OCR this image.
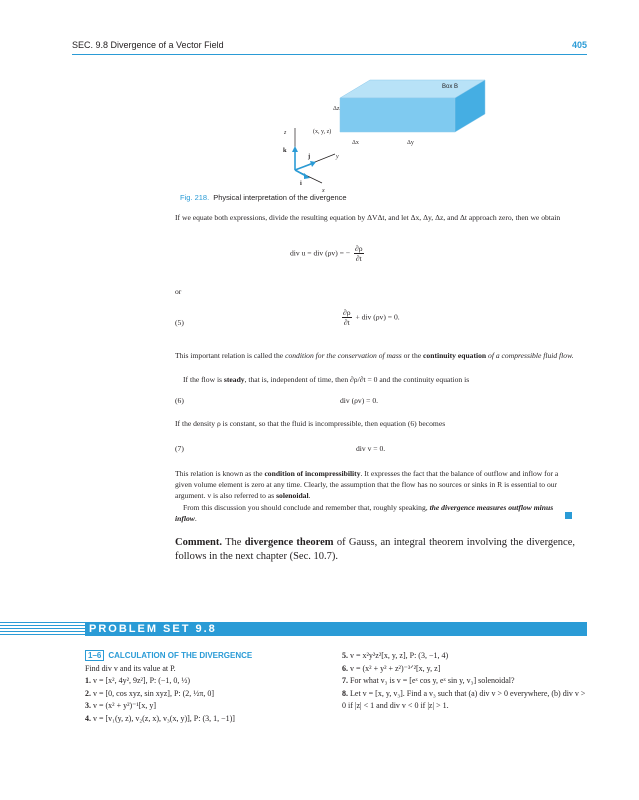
SEC. 9.8 Divergence of a Vector Field	405
Box B
Δz
(x, y, z)
Δx	Δy
z
y
x
k
j
i
Fig. 218. Physical interpretation of the divergence
If we equate both expressions, divide the resulting equation by ΔVΔt, and let Δx, Δy, Δz, and Δt approach zero, then we obtain
div u = div (ρv) = − $\frac{\partial\rho}{\partial t}$
or
(5)	$\frac{\partial\rho}{\partial t}$ + div (ρv) = 0.
This important relation is called the condition for the conservation of mass or the continuity equation of a compressible fluid flow.
If the flow is steady, that is, independent of time, then ∂ρ/∂t = 0 and the continuity equation is
(6)	div (ρv) = 0.
If the density ρ is constant, so that the fluid is incompressible, then equation (6) becomes
(7)	div v = 0.
This relation is known as the condition of incompressibility. It expresses the fact that the balance of outflow and inflow for a given volume element is zero at any time. Clearly, the assumption that the flow has no sources or sinks in R is essential to our argument. v is also referred to as solenoidal.
From this discussion you should conclude and remember that, roughly speaking, the divergence measures outflow minus inflow.
Comment. The divergence theorem of Gauss, an integral theorem involving the divergence, follows in the next chapter (Sec. 10.7).
PROBLEM SET 9.8
1–6 CALCULATION OF THE DIVERGENCE
Find div v and its value at P.
1. v = [x², 4y², 9z²], P: (−1, 0, ½)
2. v = [0, cos xyz, sin xyz], P: (2, ½π, 0]
3. v = (x² + y²)⁻¹[x, y]
4. v = [v₁(y, z), v₂(z, x), v₃(x, y)], P: (3, 1, −1)]
5. v = x²y²z²[x, y, z], P: (3, −1, 4)
6. v = (x² + y² + z²)⁻³ᐟ²[x, y, z]
7. For what v₃ is v = [eˣ cos y, eˣ sin y, v₃] solenoidal?
8. Let v = [x, y, v₃]. Find a v₃ such that (a) div v > 0 everywhere, (b) div v > 0 if |z| < 1 and div v < 0 if |z| > 1.
